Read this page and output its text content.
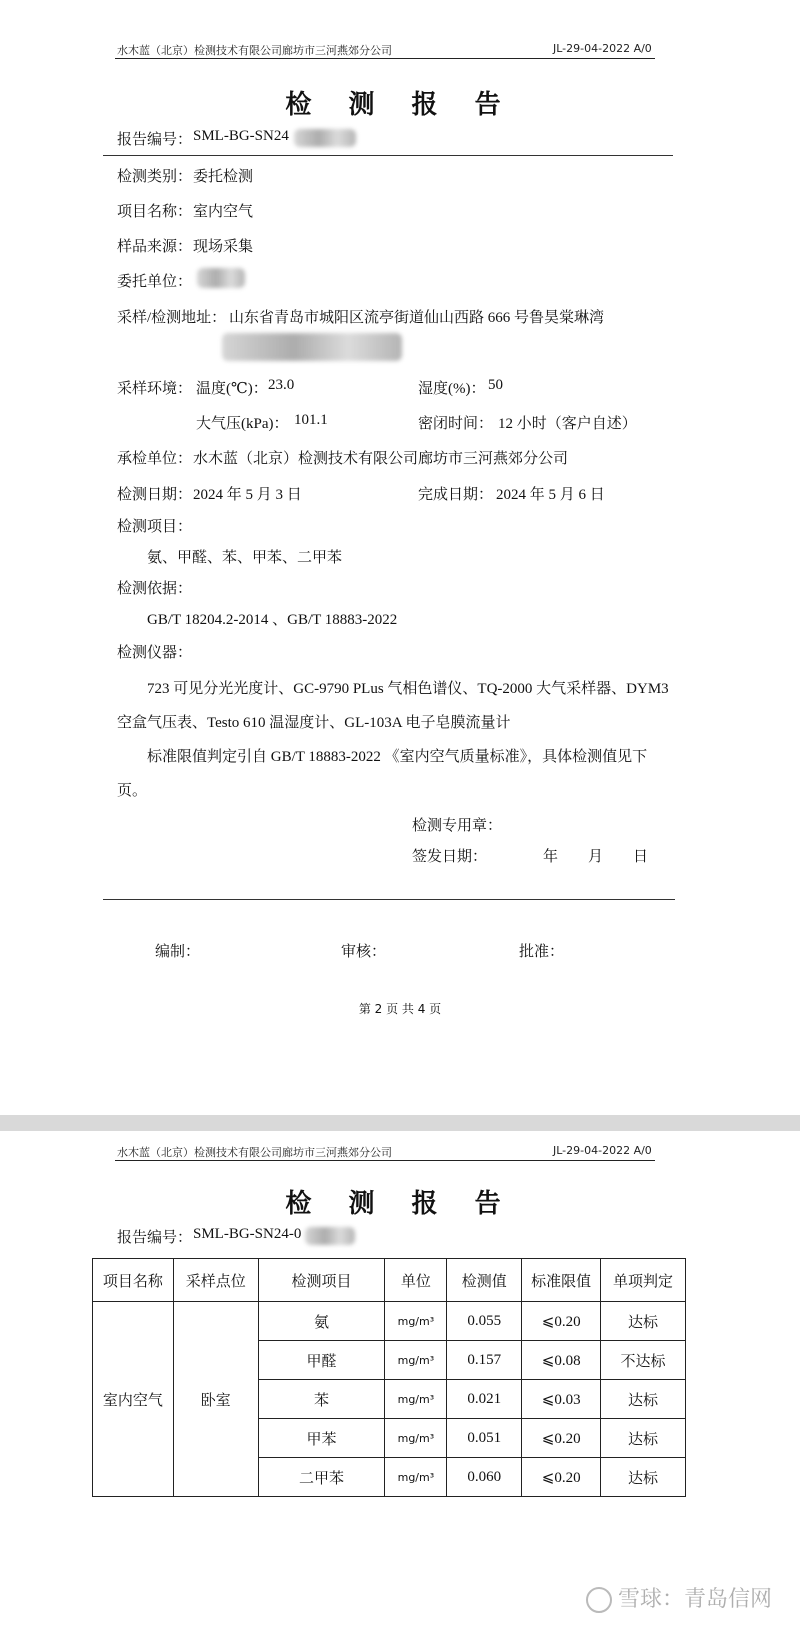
水木蓝（北京）检测技术有限公司廊坊市三河燕郊分公司	JL-29-04-2022 A/0
检 测 报 告
报告编号： SML-BG-SN24
检测类别： 委托检测
项目名称： 室内空气
样品来源： 现场采集
委托单位：
采样/检测地址： 山东省青岛市城阳区流亭街道仙山西路 666 号鲁昊棠琳湾
采样环境： 温度(℃)： 23.0	湿度(%)： 50
大气压(kPa)： 101.1	密闭时间： 12 小时（客户自述）
承检单位： 水木蓝（北京）检测技术有限公司廊坊市三河燕郊分公司
检测日期： 2024 年 5 月 3 日	完成日期： 2024 年 5 月 6 日
检测项目：
氨、甲醛、苯、甲苯、二甲苯
检测依据：
GB/T 18204.2-2014 、GB/T 18883-2022
检测仪器：
723 可见分光光度计、GC-9790 PLus 气相色谱仪、TQ-2000 大气采样器、DYM3
空盒气压表、Testo 610 温湿度计、GL-103A 电子皂膜流量计
标准限值判定引自 GB/T 18883-2022 《室内空气质量标准》，具体检测值见下
页。
检测专用章：
签发日期：	年　　月　　日
编制：	审核：	批准：
第 2 页 共 4 页
水木蓝（北京）检测技术有限公司廊坊市三河燕郊分公司	JL-29-04-2022 A/0
检 测 报 告
报告编号： SML-BG-SN24-0
项目名称	采样点位	检测项目	单位	检测值	标准限值	单项判定
室内空气	卧室	氨	mg/m³	0.055	⩽0.20	达标
		甲醛	mg/m³	0.157	⩽0.08	不达标
		苯	mg/m³	0.021	⩽0.03	达标
		甲苯	mg/m³	0.051	⩽0.20	达标
		二甲苯	mg/m³	0.060	⩽0.20	达标
雪球：青岛信网
